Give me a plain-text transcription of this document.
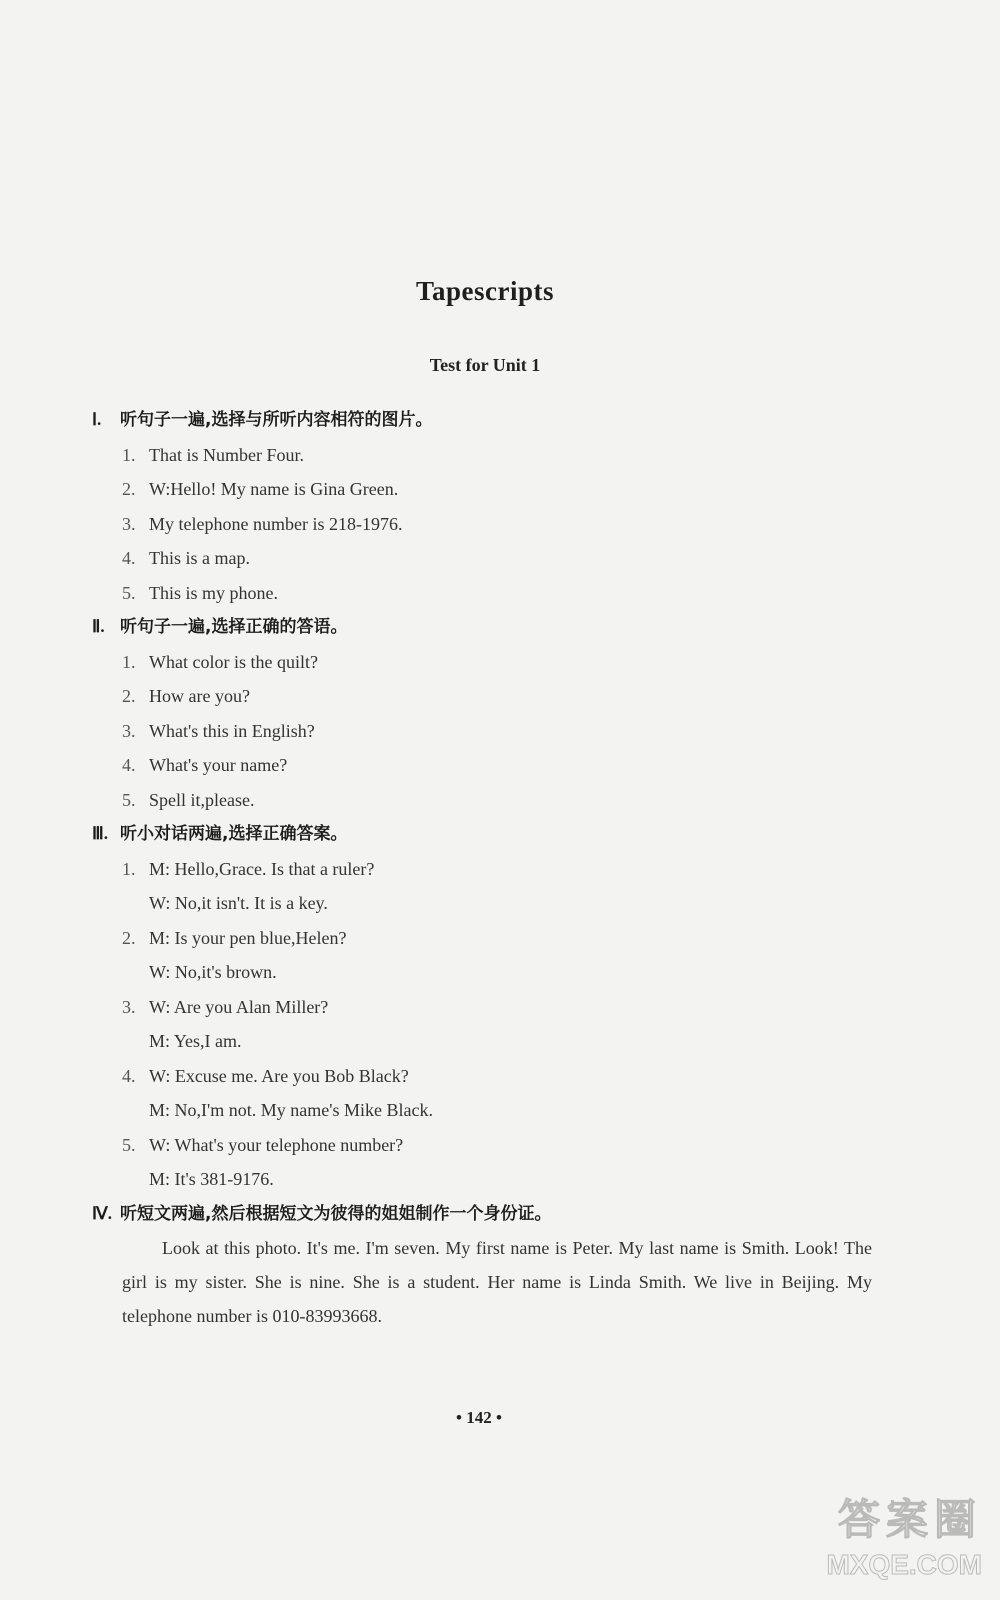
Tapescripts
Test for Unit 1
Ⅰ. 听句子一遍,选择与所听内容相符的图片。
1. That is Number Four.
2. W:Hello! My name is Gina Green.
3. My telephone number is 218-1976.
4. This is a map.
5. This is my phone.
Ⅱ. 听句子一遍,选择正确的答语。
1. What color is the quilt?
2. How are you?
3. What's this in English?
4. What's your name?
5. Spell it,please.
Ⅲ. 听小对话两遍,选择正确答案。
1. M: Hello,Grace. Is that a ruler?
W: No,it isn't. It is a key.
2. M: Is your pen blue,Helen?
W: No,it's brown.
3. W: Are you Alan Miller?
M: Yes,I am.
4. W: Excuse me. Are you Bob Black?
M: No,I'm not. My name's Mike Black.
5. W: What's your telephone number?
M: It's 381-9176.
Ⅳ. 听短文两遍,然后根据短文为彼得的姐姐制作一个身份证。
Look at this photo. It's me. I'm seven. My first name is Peter. My last name is Smith. Look! The girl is my sister. She is nine. She is a student. Her name is Linda Smith. We live in Beijing. My telephone number is 010-83993668.
• 142 •
答案圈
MXQE.COM
